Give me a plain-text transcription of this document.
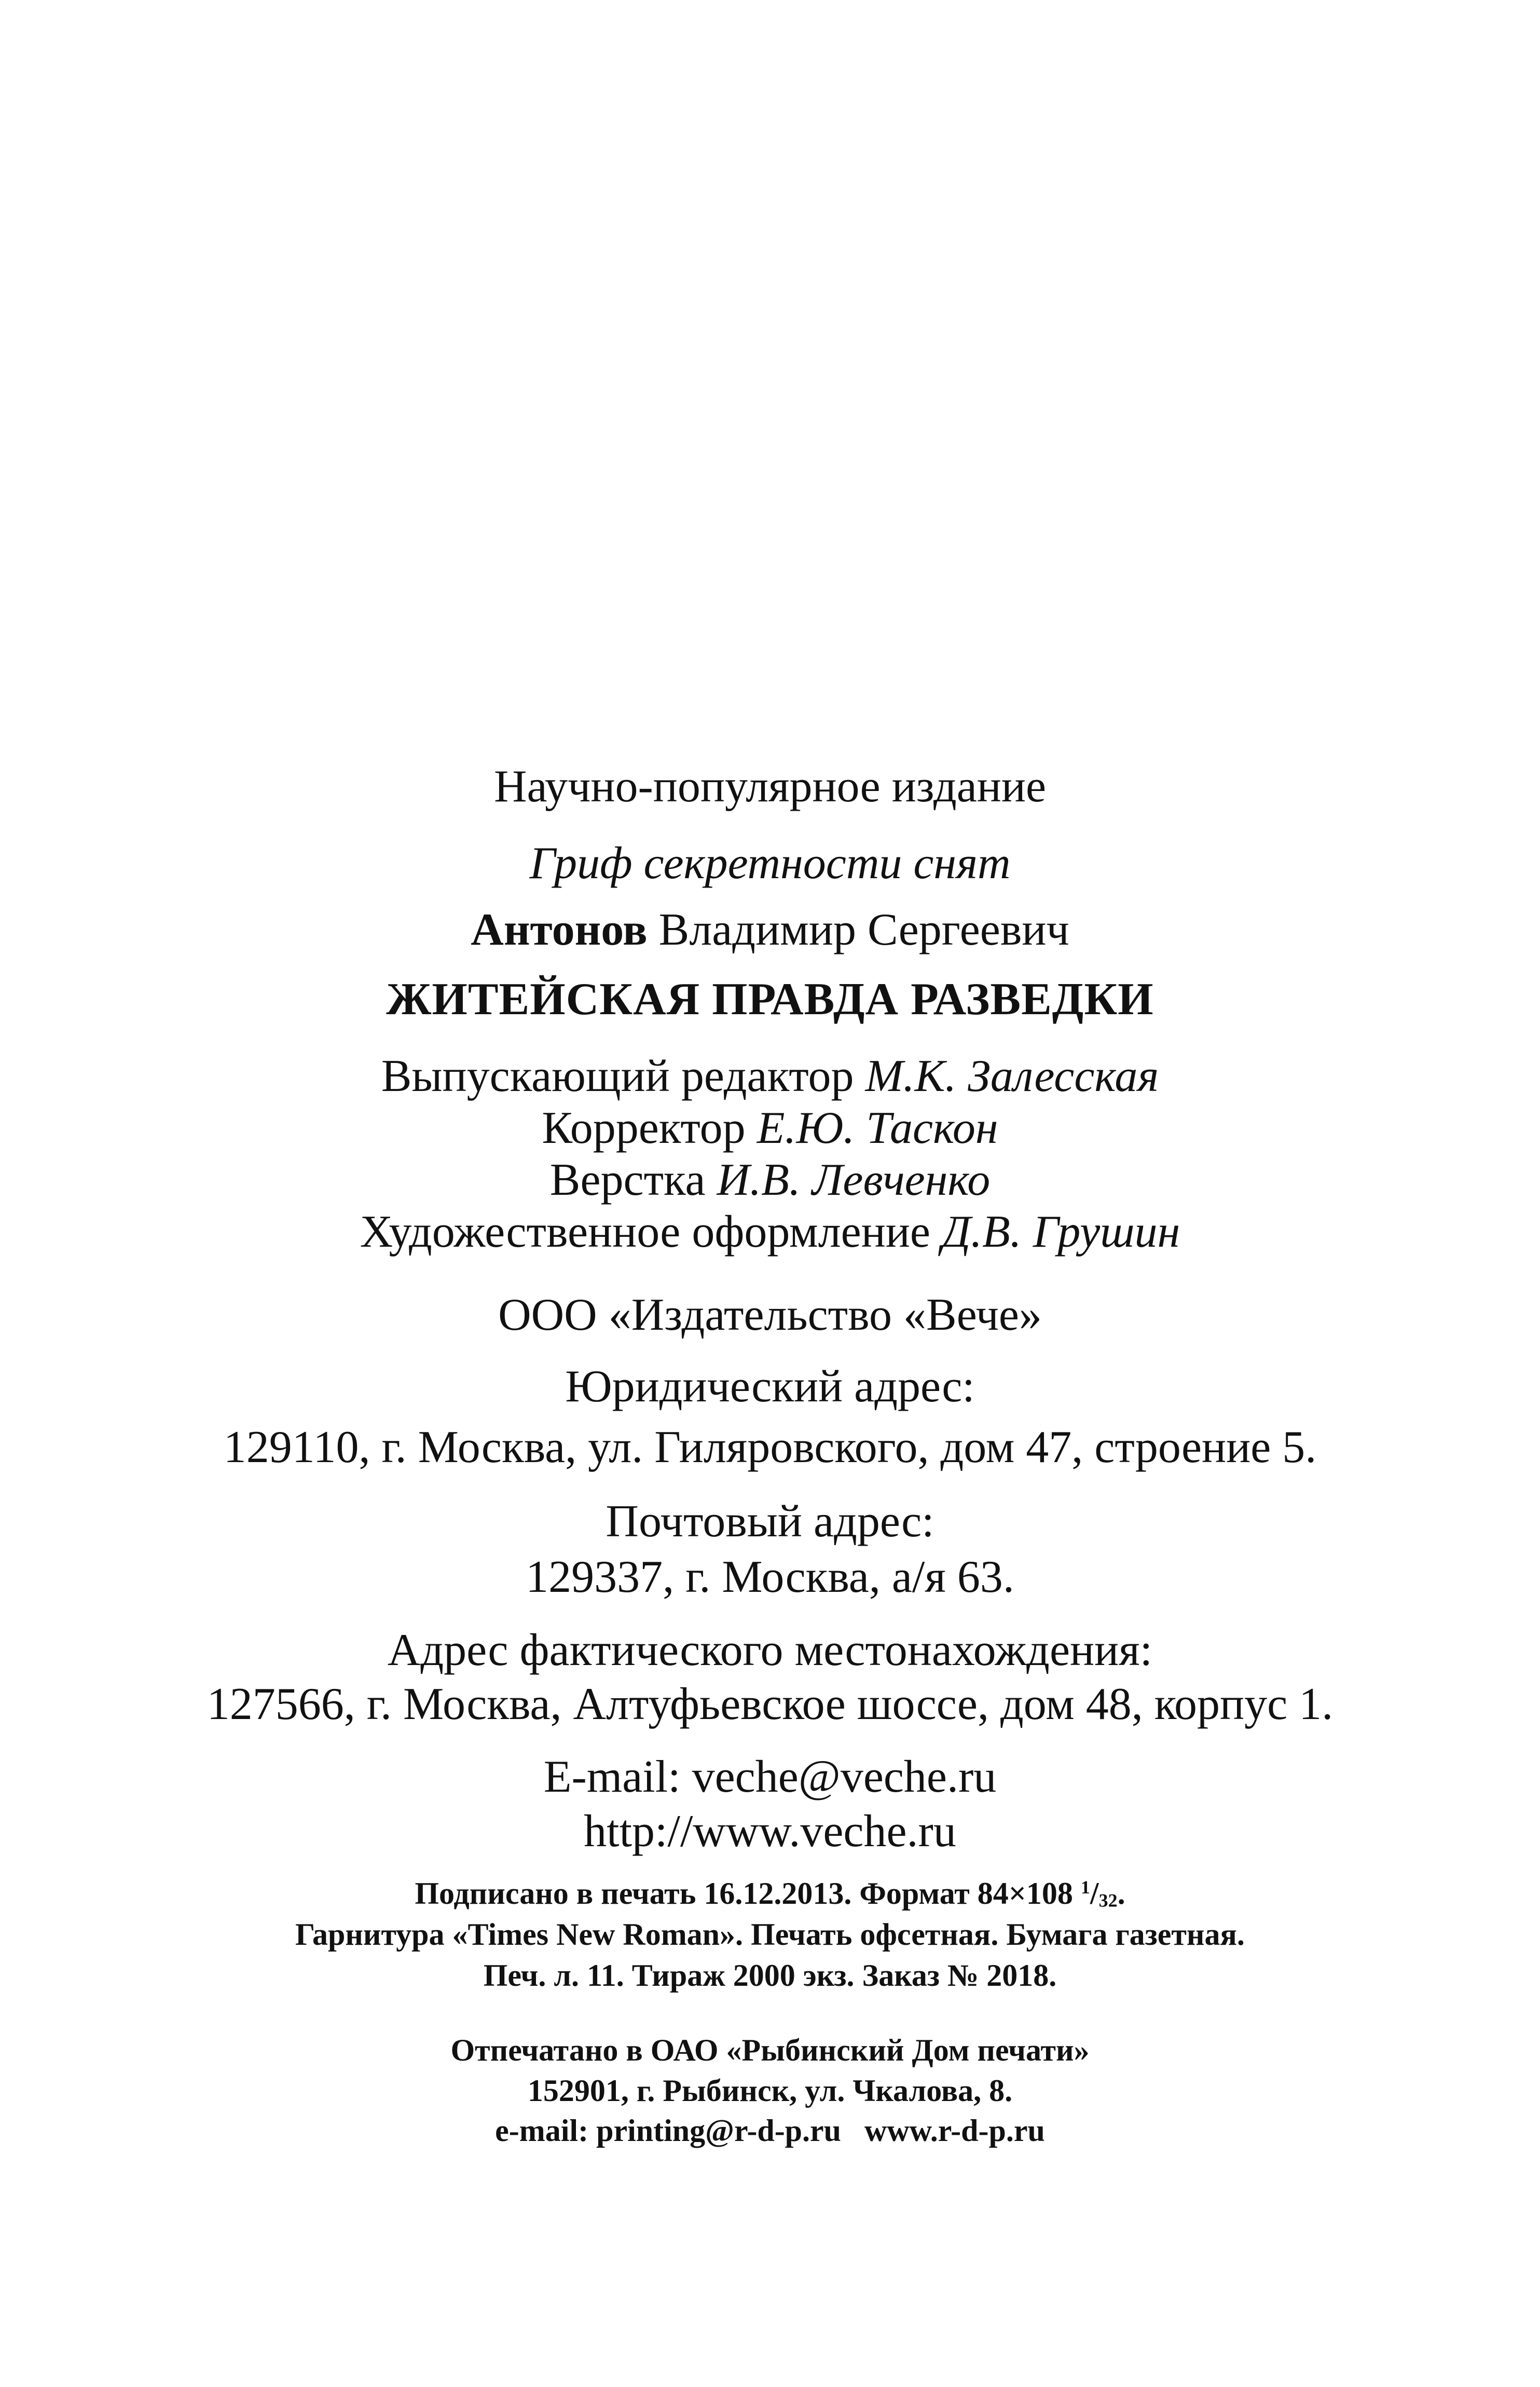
Научно-популярное издание
Гриф секретности снят
Антонов Владимир Сергеевич
ЖИТЕЙСКАЯ ПРАВДА РАЗВЕДКИ
Выпускающий редактор М.К. Залесская
Корректор Е.Ю. Таскон
Верстка И.В. Левченко
Художественное оформление Д.В. Грушин
ООО «Издательство «Вече»
Юридический адрес:
129110, г. Москва, ул. Гиляровского, дом 47, строение 5.
Почтовый адрес:
129337, г. Москва, а/я 63.
Адрес фактического местонахождения:
127566, г. Москва, Алтуфьевское шоссе, дом 48, корпус 1.
E-mail: veche@veche.ru
http://www.veche.ru
Подписано в печать 16.12.2013. Формат 84×108 $^1/_{32}$.
Гарнитура «Times New Roman». Печать офсетная. Бумага газетная.
Печ. л. 11. Тираж 2000 экз. Заказ № 2018.
Отпечатано в ОАО «Рыбинский Дом печати»
152901, г. Рыбинск, ул. Чкалова, 8.
e-mail: printing@r-d-p.ru www.r-d-p.ru
